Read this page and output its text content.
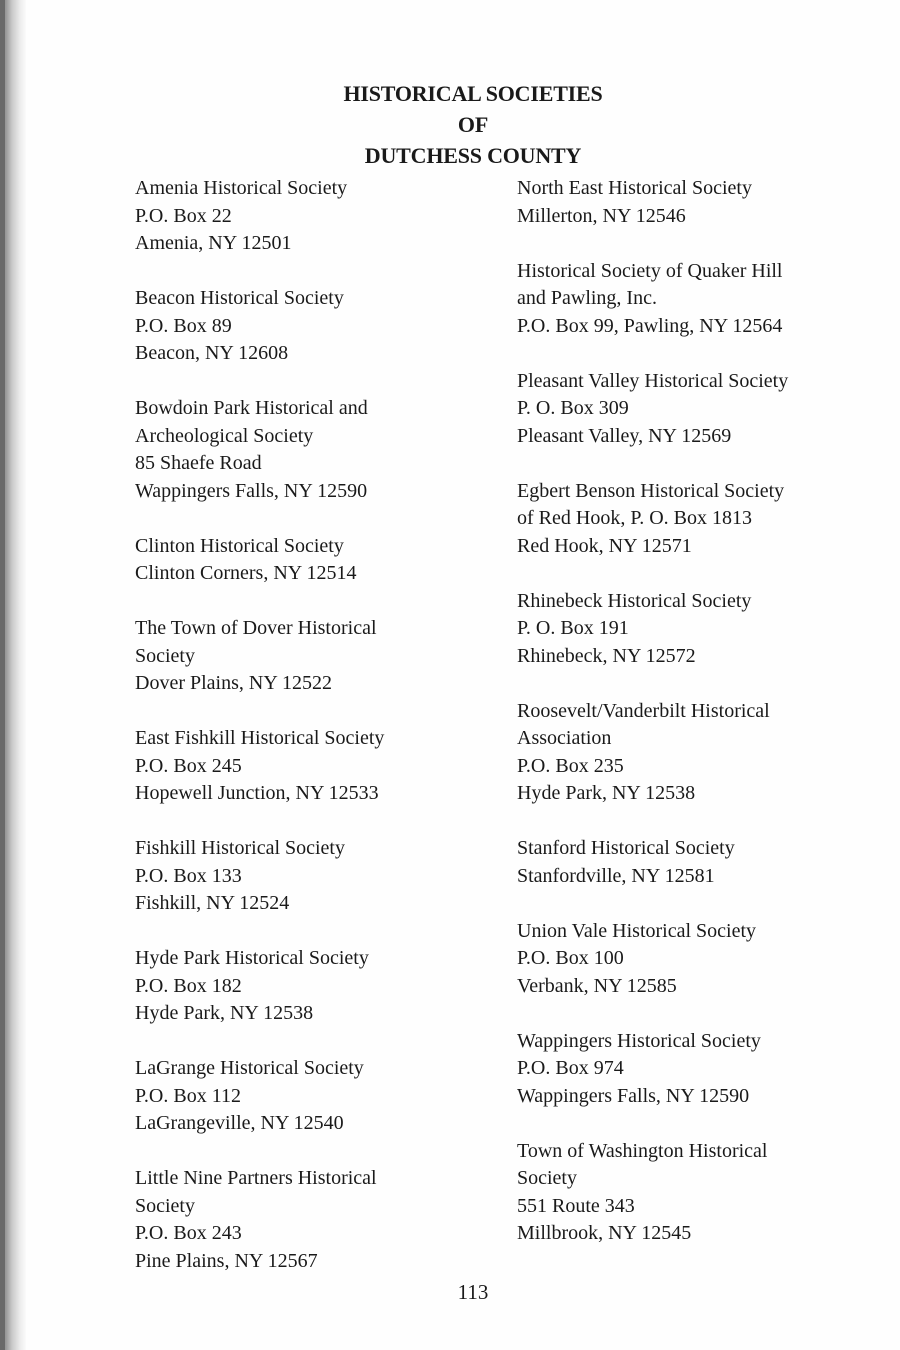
HISTORICAL SOCIETIES
OF
DUTCHESS COUNTY
Amenia Historical Society
P.O. Box 22
Amenia, NY 12501
Beacon Historical Society
P.O. Box 89
Beacon, NY 12608
Bowdoin Park Historical and
Archeological Society
85 Shaefe Road
Wappingers Falls, NY 12590
Clinton Historical Society
Clinton Corners, NY 12514
The Town of Dover Historical
Society
Dover Plains, NY 12522
East Fishkill Historical Society
P.O. Box 245
Hopewell Junction, NY 12533
Fishkill Historical Society
P.O. Box 133
Fishkill, NY 12524
Hyde Park Historical Society
P.O. Box 182
Hyde Park, NY 12538
LaGrange Historical Society
P.O. Box 112
LaGrangeville, NY 12540
Little Nine Partners Historical
Society
P.O. Box 243
Pine Plains, NY 12567
North East Historical Society
Millerton, NY 12546
Historical Society of Quaker Hill
and Pawling, Inc.
P.O. Box 99, Pawling, NY 12564
Pleasant Valley Historical Society
P. O. Box 309
Pleasant Valley, NY 12569
Egbert Benson Historical Society
of Red Hook, P. O. Box 1813
Red Hook, NY 12571
Rhinebeck Historical Society
P. O. Box 191
Rhinebeck, NY 12572
Roosevelt/Vanderbilt Historical
Association
P.O. Box 235
Hyde Park, NY 12538
Stanford Historical Society
Stanfordville, NY 12581
Union Vale Historical Society
P.O. Box 100
Verbank, NY 12585
Wappingers Historical Society
P.O. Box 974
Wappingers Falls, NY 12590
Town of Washington Historical
Society
551 Route 343
Millbrook, NY 12545
113
